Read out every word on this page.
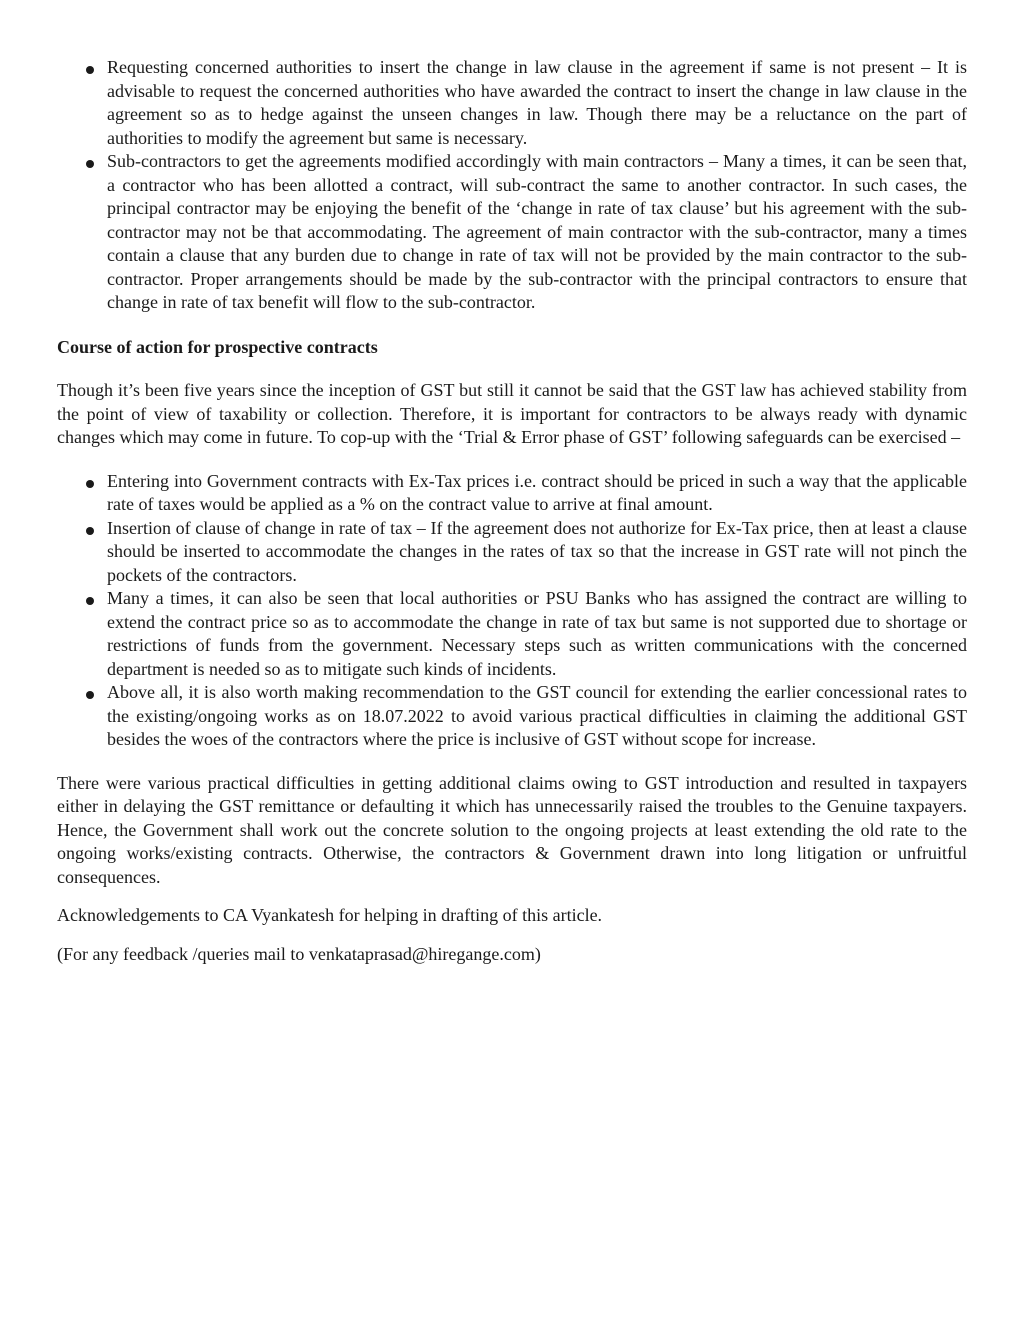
Requesting concerned authorities to insert the change in law clause in the agreement if same is not present – It is advisable to request the concerned authorities who have awarded the contract to insert the change in law clause in the agreement so as to hedge against the unseen changes in law. Though there may be a reluctance on the part of authorities to modify the agreement but same is necessary.
Sub-contractors to get the agreements modified accordingly with main contractors – Many a times, it can be seen that, a contractor who has been allotted a contract, will sub-contract the same to another contractor. In such cases, the principal contractor may be enjoying the benefit of the ‘change in rate of tax clause’ but his agreement with the sub-contractor may not be that accommodating. The agreement of main contractor with the sub-contractor, many a times contain a clause that any burden due to change in rate of tax will not be provided by the main contractor to the sub-contractor. Proper arrangements should be made by the sub-contractor with the principal contractors to ensure that change in rate of tax benefit will flow to the sub-contractor.
Course of action for prospective contracts

Though it’s been five years since the inception of GST but still it cannot be said that the GST law has achieved stability from the point of view of taxability or collection. Therefore, it is important for contractors to be always ready with dynamic changes which may come in future. To cop-up with the ‘Trial & Error phase of GST’ following safeguards can be exercised –

Entering into Government contracts with Ex-Tax prices i.e. contract should be priced in such a way that the applicable rate of taxes would be applied as a % on the contract value to arrive at final amount.
Insertion of clause of change in rate of tax – If the agreement does not authorize for Ex-Tax price, then at least a clause should be inserted to accommodate the changes in the rates of tax so that the increase in GST rate will not pinch the pockets of the contractors.
Many a times, it can also be seen that local authorities or PSU Banks who has assigned the contract are willing to extend the contract price so as to accommodate the change in rate of tax but same is not supported due to shortage or restrictions of funds from the government. Necessary steps such as written communications with the concerned department is needed so as to mitigate such kinds of incidents.
Above all, it is also worth making recommendation to the GST council for extending the earlier concessional rates to the existing/ongoing works as on 18.07.2022 to avoid various practical difficulties in claiming the additional GST besides the woes of the contractors where the price is inclusive of GST without scope for increase.

There were various practical difficulties in getting additional claims owing to GST introduction and resulted in taxpayers either in delaying the GST remittance or defaulting it which has unnecessarily raised the troubles to the Genuine taxpayers. Hence, the Government shall work out the concrete solution to the ongoing projects at least extending the old rate to the ongoing works/existing contracts. Otherwise, the contractors & Government drawn into long litigation or unfruitful consequences.

Acknowledgements to CA Vyankatesh for helping in drafting of this article.

(For any feedback /queries mail to venkataprasad@hiregange.com)
